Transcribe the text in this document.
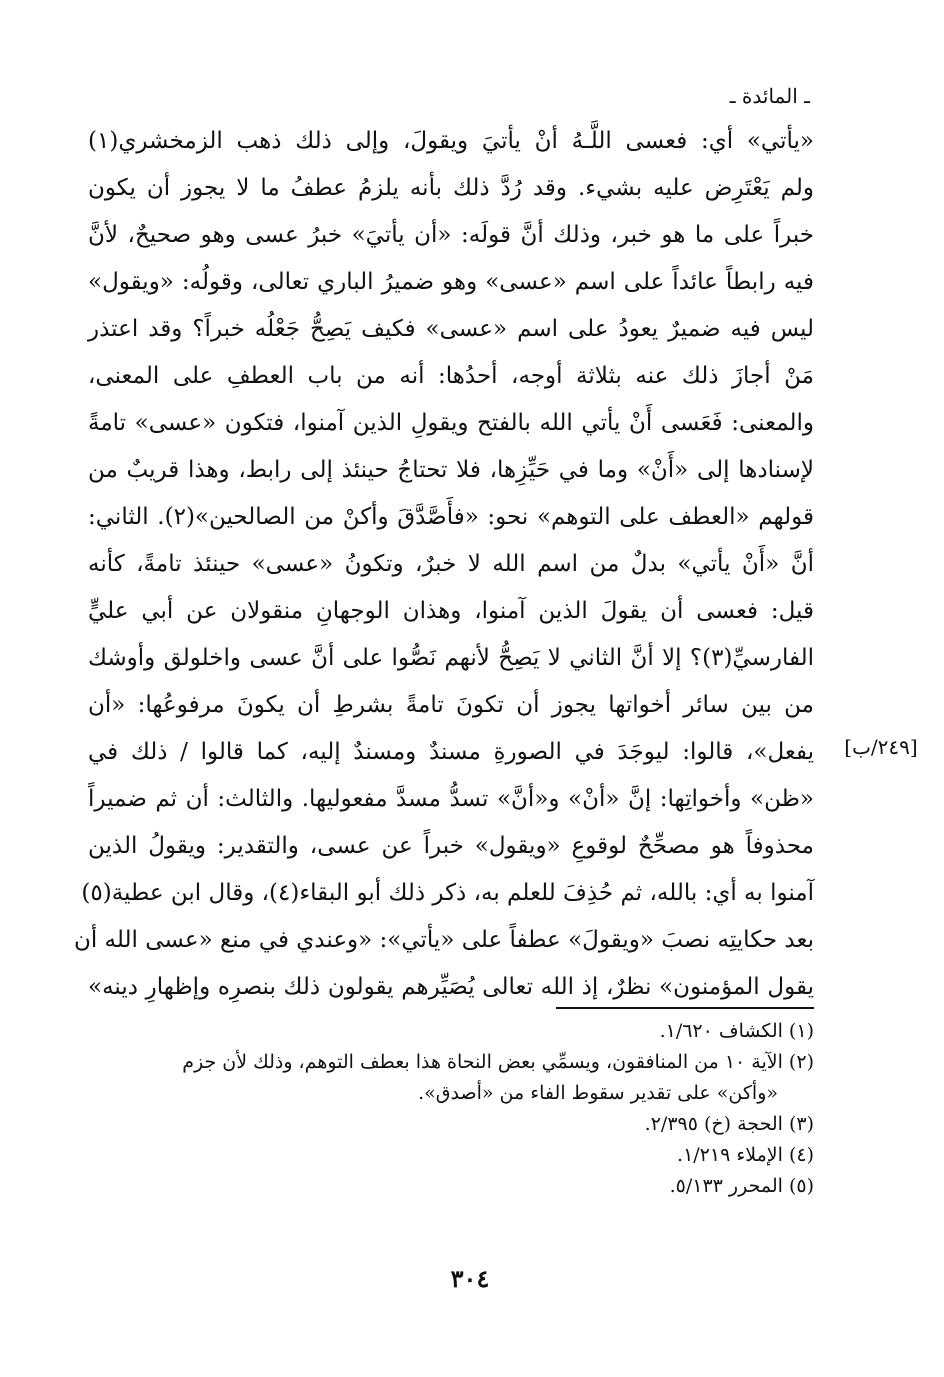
ـ المائدة ـ
[٢٤٩/ب]
«يأتي» أي: فعسى اللَّـهُ أنْ يأتيَ ويقولَ، وإلى ذلك ذهب الزمخشري(١)
ولم يَعْتَرِض عليه بشيء. وقد رُدَّ ذلك بأنه يلزمُ عطفُ ما لا يجوز أن يكون
خبراً على ما هو خبر، وذلك أنَّ قولَه: «أن يأتيَ» خبرُ عسى وهو صحيحٌ، لأنَّ
فيه رابطاً عائداً على اسم «عسى» وهو ضميرُ الباري تعالى، وقولُه: «ويقول»
ليس فيه ضميرٌ يعودُ على اسم «عسى» فكيف يَصِحُّ جَعْلُه خبراً؟ وقد اعتذر
مَنْ أجازَ ذلك عنه بثلاثة أوجه، أحدُها: أنه من باب العطفِ على المعنى،
والمعنى: فَعَسى أَنْ يأتي الله بالفتح ويقولِ الذين آمنوا، فتكون «عسى» تامةً
لإسنادها إلى «أَنْ» وما في حَيِّزِها، فلا تحتاجُ حينئذ إلى رابط، وهذا قريبٌ من
قولهم «العطف على التوهم» نحو: «فأَصَّدَّقَ وأكنْ من الصالحين»(٢). الثاني:
أنَّ «أَنْ يأتي» بدلٌ من اسم الله لا خبرٌ، وتكونُ «عسى» حينئذ تامةً، كأنه
قيل: فعسى أن يقولَ الذين آمنوا، وهذان الوجهانِ منقولان عن أبي عليٍّ
الفارسيِّ(٣)؟ إلا أنَّ الثاني لا يَصِحُّ لأنهم نَصُّوا على أنَّ عسى واخلولق وأوشك
من بين سائر أخواتها يجوز أن تكونَ تامةً بشرطِ أن يكونَ مرفوعُها: «أن
يفعل»، قالوا: ليوجَدَ في الصورةِ مسندٌ ومسندٌ إليه، كما قالوا / ذلك في
«ظن» وأخواتِها: إنَّ «أنْ» و«أنَّ» تسدُّ مسدَّ مفعوليها. والثالث: أن ثم ضميراً
محذوفاً هو مصحِّحٌ لوقوعِ «ويقول» خبراً عن عسى، والتقدير: ويقولُ الذين
آمنوا به أي: بالله، ثم حُذِفَ للعلم به، ذكر ذلك أبو البقاء(٤)، وقال ابن عطية(٥)
بعد حكايتِه نصبَ «ويقولَ» عطفاً على «يأتي»: «وعندي في منع «عسى الله أن
يقول المؤمنون» نظرٌ، إذ الله تعالى يُصَيِّرهم يقولون ذلك بنصرِه وإظهارِ دينه»
(١) الكشاف ١/٦٢٠.
(٢) الآية ١٠ من المنافقون، ويسمِّي بعض النحاة هذا بعطف التوهم، وذلك لأن جزم
«وأكن» على تقدير سقوط الفاء من «أصدق».
(٣) الحجة (خ) ٢/٣٩٥.
(٤) الإملاء ١/٢١٩.
(٥) المحرر ٥/١٣٣.
٣٠٤
